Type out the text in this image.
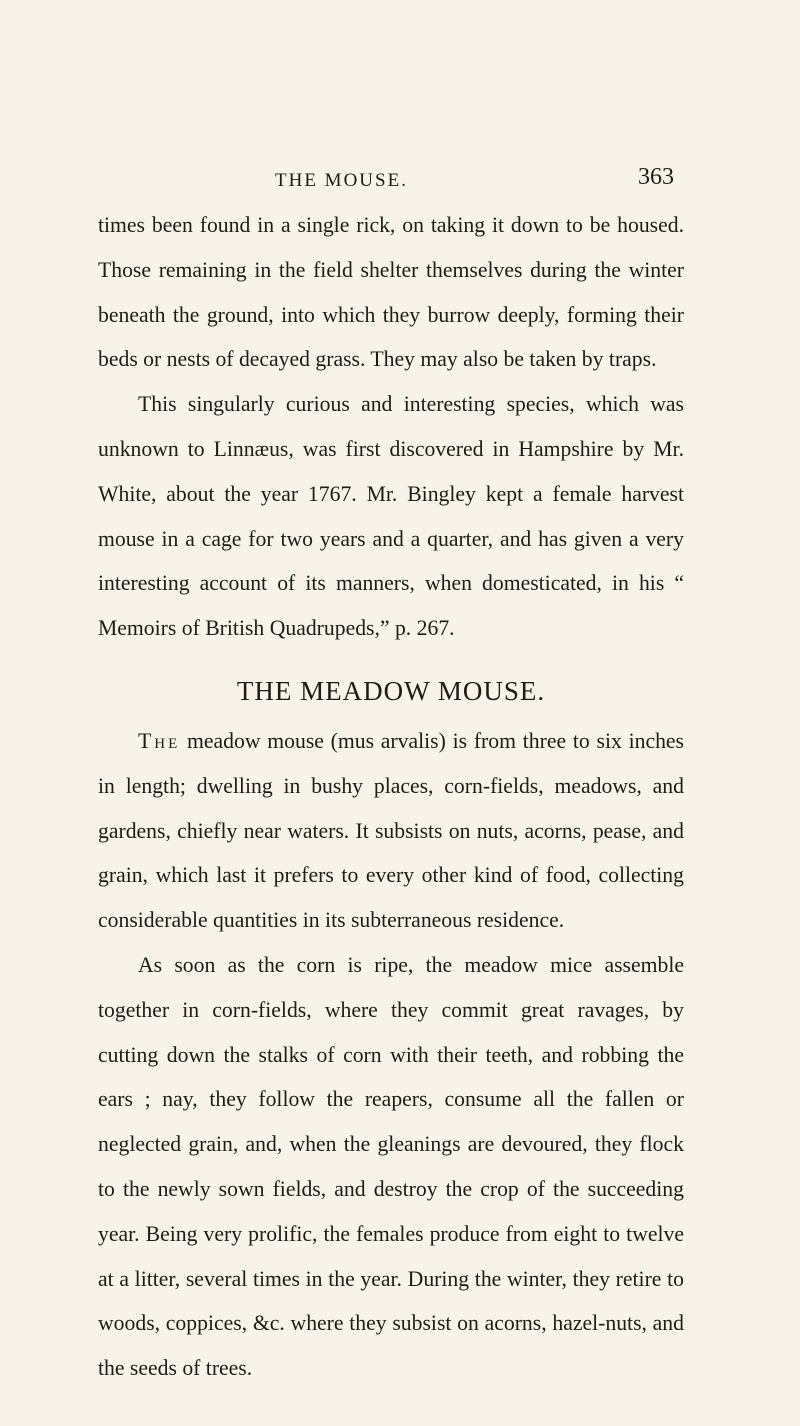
THE MOUSE.	363

times been found in a single rick, on taking it down to be housed. Those remaining in the field shelter themselves during the winter beneath the ground, into which they burrow deeply, forming their beds or nests of decayed grass. They may also be taken by traps.

This singularly curious and interesting species, which was unknown to Linnæus, was first discovered in Hampshire by Mr. White, about the year 1767. Mr. Bingley kept a female harvest mouse in a cage for two years and a quarter, and has given a very interesting account of its manners, when domesticated, in his “ Memoirs of British Quadrupeds,” p. 267.

THE MEADOW MOUSE.

The meadow mouse (mus arvalis) is from three to six inches in length; dwelling in bushy places, corn-fields, meadows, and gardens, chiefly near waters. It subsists on nuts, acorns, pease, and grain, which last it prefers to every other kind of food, collecting considerable quantities in its subterraneous residence.

As soon as the corn is ripe, the meadow mice assemble together in corn-fields, where they commit great ravages, by cutting down the stalks of corn with their teeth, and robbing the ears ; nay, they follow the reapers, consume all the fallen or neglected grain, and, when the gleanings are devoured, they flock to the newly sown fields, and destroy the crop of the succeeding year. Being very prolific, the females produce from eight to twelve at a litter, several times in the year. During the winter, they retire to woods, coppices, &c. where they subsist on acorns, hazel-nuts, and the seeds of trees.
